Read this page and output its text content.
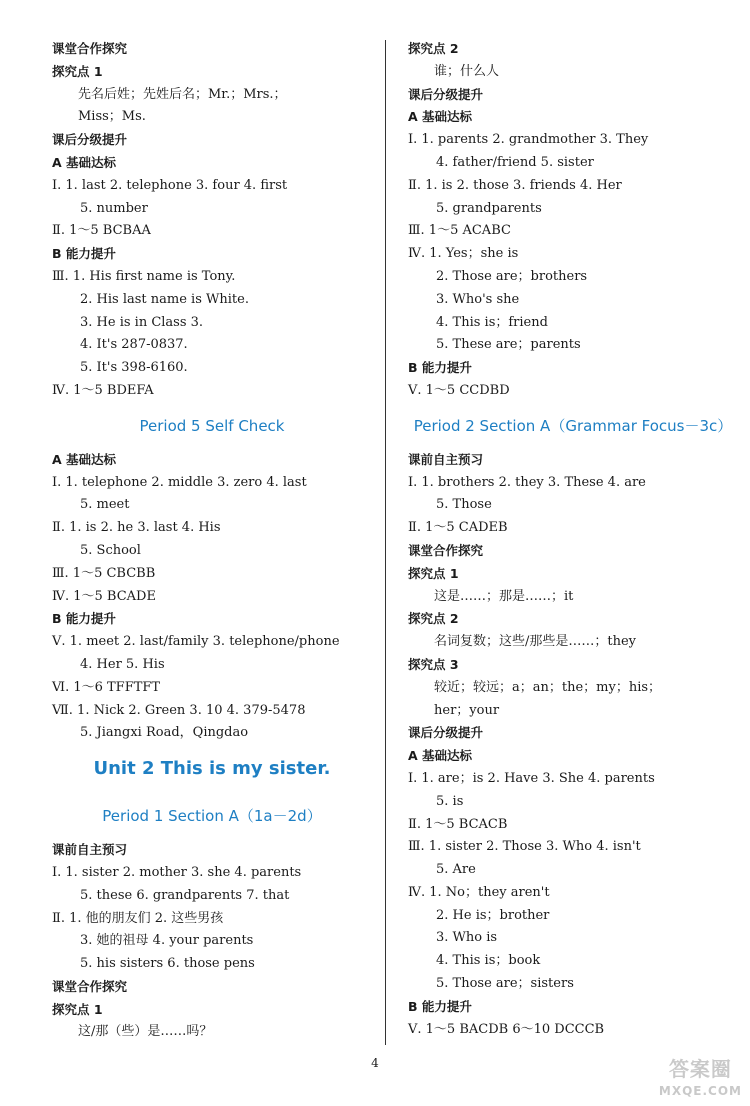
课堂合作探究
探究点 1
先名后姓；先姓后名；Mr.；Mrs.；
Miss；Ms.
课后分级提升
A 基础达标
Ⅰ. 1. last 2. telephone 3. four 4. first
5. number
Ⅱ. 1～5 BCBAA
B 能力提升
Ⅲ. 1. His first name is Tony.
2. His last name is White.
3. He is in Class 3.
4. It's 287-0837.
5. It's 398-6160.
Ⅳ. 1～5 BDEFA
Period 5 Self Check
A 基础达标
Ⅰ. 1. telephone 2. middle 3. zero 4. last
5. meet
Ⅱ. 1. is 2. he 3. last 4. His
5. School
Ⅲ. 1～5 CBCBB
Ⅳ. 1～5 BCADE
B 能力提升
Ⅴ. 1. meet 2. last/family 3. telephone/phone
4. Her 5. His
Ⅵ. 1～6 TFFTFT
Ⅶ. 1. Nick 2. Green 3. 10 4. 379-5478
5. Jiangxi Road，Qingdao
Unit 2 This is my sister.
Period 1 Section A（1a－2d）
课前自主预习
Ⅰ. 1. sister 2. mother 3. she 4. parents
5. these 6. grandparents 7. that
Ⅱ. 1. 他的朋友们 2. 这些男孩
3. 她的祖母 4. your parents
5. his sisters 6. those pens
课堂合作探究
探究点 1
这/那（些）是……吗？
探究点 2
谁；什么人
课后分级提升
A 基础达标
Ⅰ. 1. parents 2. grandmother 3. They
4. father/friend 5. sister
Ⅱ. 1. is 2. those 3. friends 4. Her
5. grandparents
Ⅲ. 1～5 ACABC
Ⅳ. 1. Yes；she is
2. Those are；brothers
3. Who's she
4. This is；friend
5. These are；parents
B 能力提升
Ⅴ. 1～5 CCDBD
Period 2 Section A（Grammar Focus－3c）
课前自主预习
Ⅰ. 1. brothers 2. they 3. These 4. are
5. Those
Ⅱ. 1～5 CADEB
课堂合作探究
探究点 1
这是……；那是……；it
探究点 2
名词复数；这些/那些是……；they
探究点 3
较近；较远；a；an；the；my；his；
her；your
课后分级提升
A 基础达标
Ⅰ. 1. are；is 2. Have 3. She 4. parents
5. is
Ⅱ. 1～5 BCACB
Ⅲ. 1. sister 2. Those 3. Who 4. isn't
5. Are
Ⅳ. 1. No；they aren't
2. He is；brother
3. Who is
4. This is；book
5. Those are；sisters
B 能力提升
Ⅴ. 1～5 BACDB 6～10 DCCCB
4	答案圈
MXQE.COM
